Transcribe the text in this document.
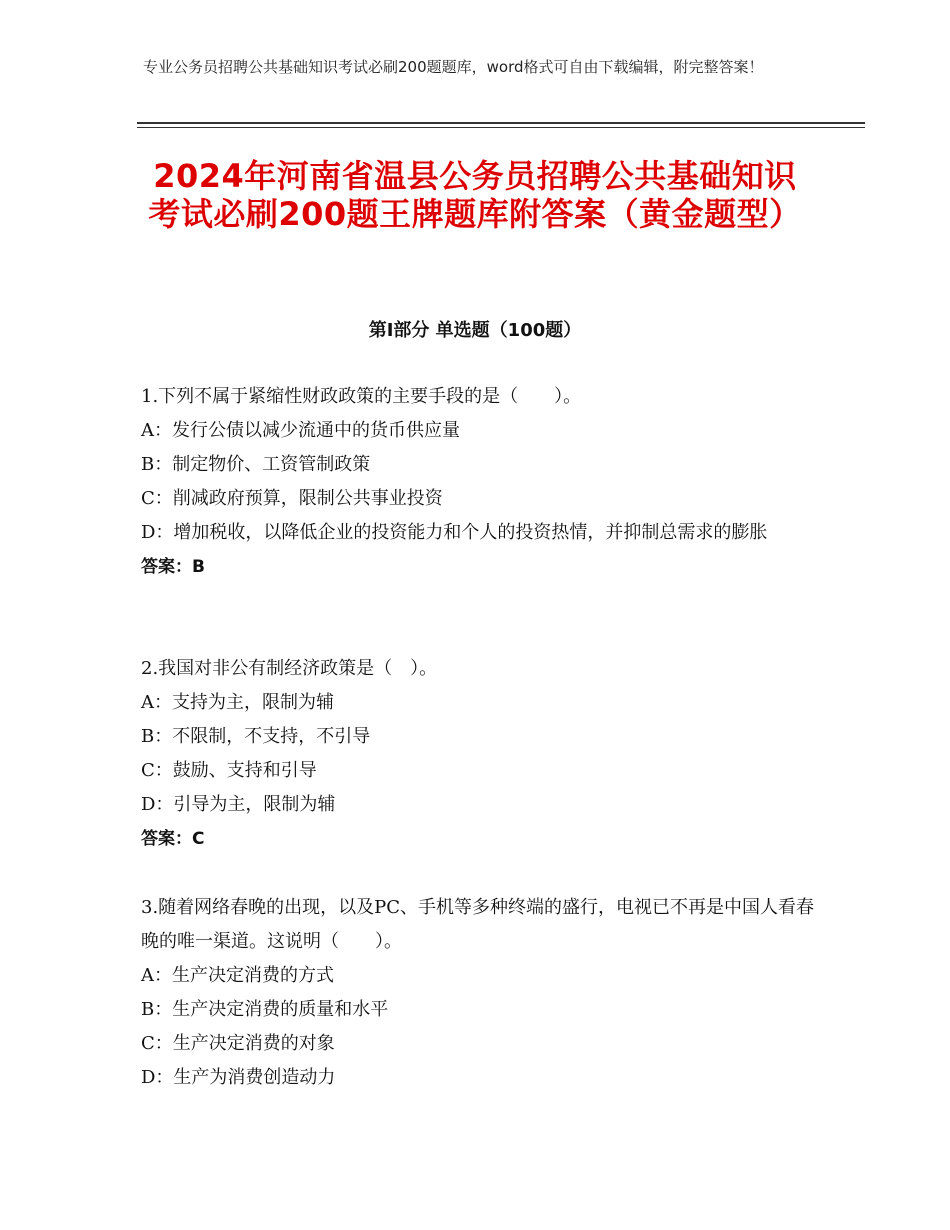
专业公务员招聘公共基础知识考试必刷200题题库，word格式可自由下载编辑，附完整答案！
2024年河南省温县公务员招聘公共基础知识考试必刷200题王牌题库附答案（黄金题型）
第Ⅰ部分 单选题（100题）
1.下列不属于紧缩性财政政策的主要手段的是（　　）。
A：发行公债以减少流通中的货币供应量
B：制定物价、工资管制政策
C：削减政府预算，限制公共事业投资
D：增加税收，以降低企业的投资能力和个人的投资热情，并抑制总需求的膨胀
答案：B
2.我国对非公有制经济政策是（　）。
A：支持为主，限制为辅
B：不限制，不支持，不引导
C：鼓励、支持和引导
D：引导为主，限制为辅
答案：C
3.随着网络春晚的出现，以及PC、手机等多种终端的盛行，电视已不再是中国人看春晚的唯一渠道。这说明（　　）。
A：生产决定消费的方式
B：生产决定消费的质量和水平
C：生产决定消费的对象
D：生产为消费创造动力
